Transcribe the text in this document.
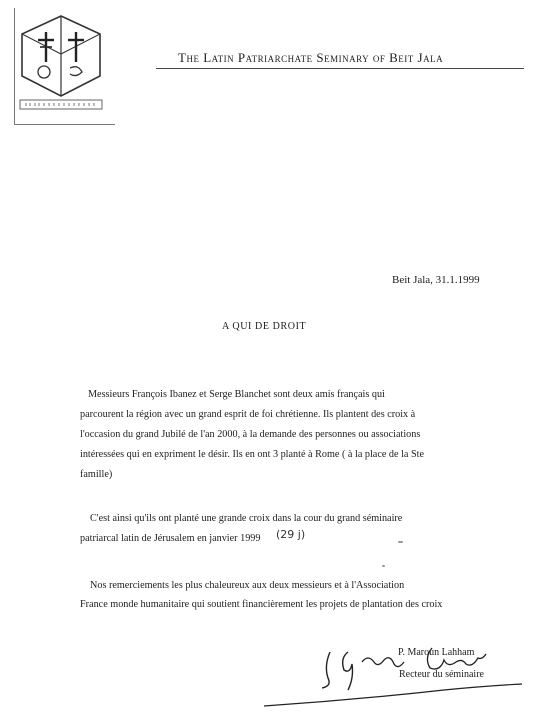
The Latin Patriarchate Seminary of Beit Jala
Beit Jala, 31.1.1999
A QUI DE DROIT
Messieurs François Ibanez et Serge Blanchet sont deux amis français qui
parcourent la région avec un grand esprit de foi chrétienne. Ils plantent des croix à
l'occasion du grand Jubilé de l'an 2000, à la demande des personnes ou associations
intéressées qui en expriment le désir. Ils en ont 3 planté à Rome ( à la place de la Ste
famille)
C'est ainsi qu'ils ont planté une grande croix dans la cour du grand séminaire
patriarcal latin de Jérusalem en janvier 1999 (29 j)
Nos remerciements les plus chaleureux aux deux messieurs et à l'Association
France monde humanitaire qui soutient financièrement les projets de plantation des croix
P. Maroun Lahham
Recteur du séminaire
